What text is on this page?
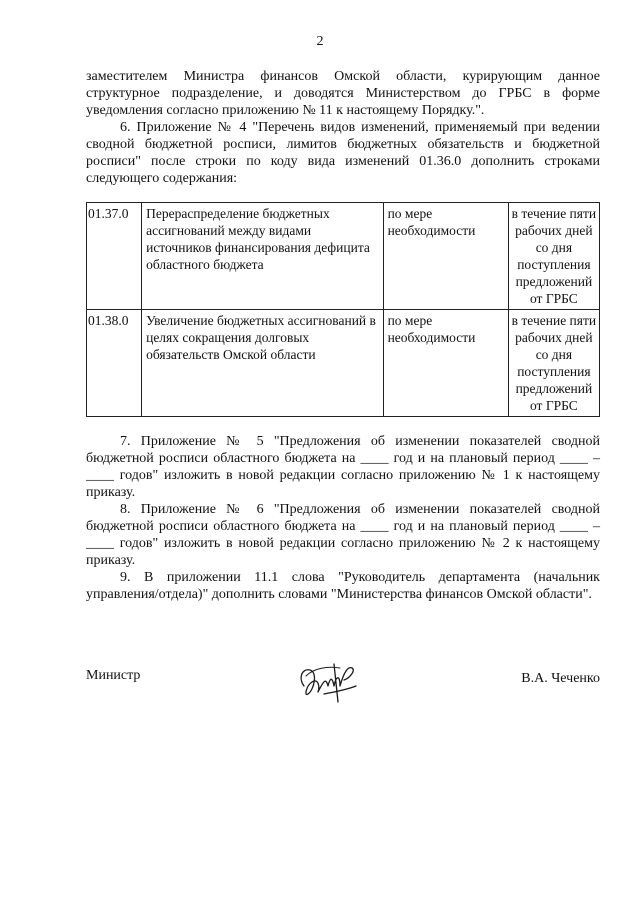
2

заместителем Министра финансов Омской области, курирующим данное структурное подразделение, и доводятся Министерством до ГРБС в форме уведомления согласно приложению № 11 к настоящему Порядку.".

6. Приложение № 4 "Перечень видов изменений, применяемый при ведении сводной бюджетной росписи, лимитов бюджетных обязательств и бюджетной росписи" после строки по коду вида изменений 01.36.0 дополнить строками следующего содержания:

01.37.0	Перераспределение бюджетных ассигнований между видами источников финансирования дефицита областного бюджета	по мере необходимости	в течение пяти рабочих дней со дня поступления предложений от ГРБС
01.38.0	Увеличение бюджетных ассигнований в целях сокращения долговых обязательств Омской области	по мере необходимости	в течение пяти рабочих дней со дня поступления предложений от ГРБС

7. Приложение № 5 "Предложения об изменении показателей сводной бюджетной росписи областного бюджета на ____ год и на плановый период ____ – ____ годов" изложить в новой редакции согласно приложению № 1 к настоящему приказу.

8. Приложение № 6 "Предложения об изменении показателей сводной бюджетной росписи областного бюджета на ____ год и на плановый период ____ – ____ годов" изложить в новой редакции согласно приложению № 2 к настоящему приказу.

9. В приложении 11.1 слова "Руководитель департамента (начальник управления/отдела)" дополнить словами "Министерства финансов Омской области".

Министр	В.А. Чеченко
